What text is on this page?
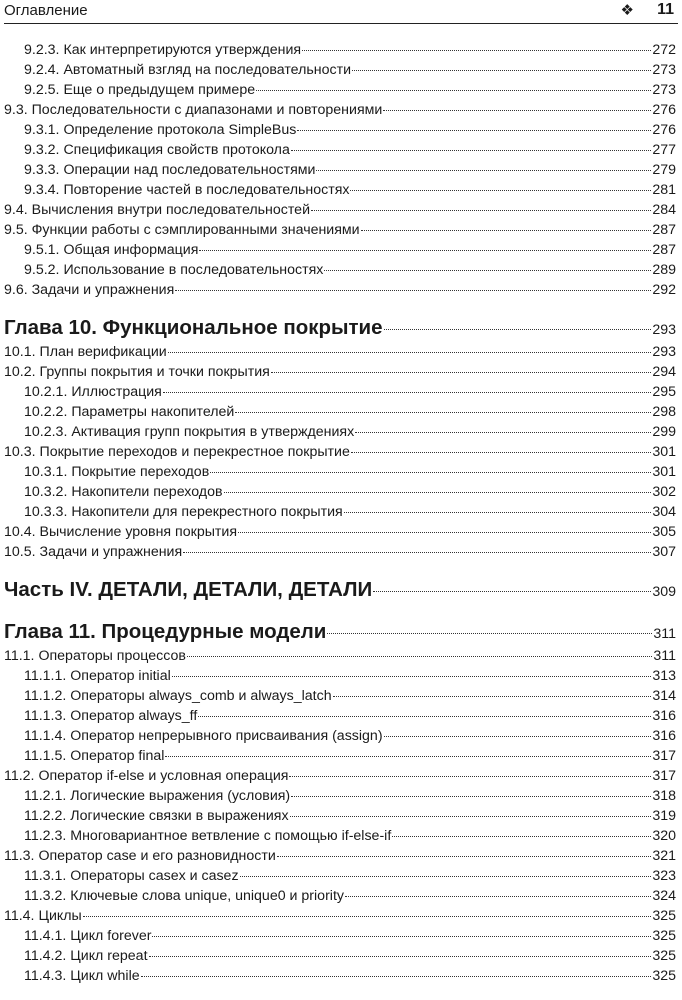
Оглавление	❖ 11
9.2.3. Как интерпретируются утверждения	272
9.2.4. Автоматный взгляд на последовательности	273
9.2.5. Еще о предыдущем примере	273
9.3. Последовательности с диапазонами и повторениями	276
9.3.1. Определение протокола SimpleBus	276
9.3.2. Спецификация свойств протокола	277
9.3.3. Операции над последовательностями	279
9.3.4. Повторение частей в последовательностях	281
9.4. Вычисления внутри последовательностей	284
9.5. Функции работы с сэмплированными значениями	287
9.5.1. Общая информация	287
9.5.2. Использование в последовательностях	289
9.6. Задачи и упражнения	292
Глава 10. Функциональное покрытие	293
10.1. План верификации	293
10.2. Группы покрытия и точки покрытия	294
10.2.1. Иллюстрация	295
10.2.2. Параметры накопителей	298
10.2.3. Активация групп покрытия в утверждениях	299
10.3. Покрытие переходов и перекрестное покрытие	301
10.3.1. Покрытие переходов	301
10.3.2. Накопители переходов	302
10.3.3. Накопители для перекрестного покрытия	304
10.4. Вычисление уровня покрытия	305
10.5. Задачи и упражнения	307
Часть IV. ДЕТАЛИ, ДЕТАЛИ, ДЕТАЛИ	309
Глава 11. Процедурные модели	311
11.1. Операторы процессов	311
11.1.1. Оператор initial	313
11.1.2. Операторы always_comb и always_latch	314
11.1.3. Оператор always_ff	316
11.1.4. Оператор непрерывного присваивания (assign)	316
11.1.5. Оператор final	317
11.2. Оператор if-else и условная операция	317
11.2.1. Логические выражения (условия)	318
11.2.2. Логические связки в выражениях	319
11.2.3. Многовариантное ветвление с помощью if-else-if	320
11.3. Оператор case и его разновидности	321
11.3.1. Операторы casex и casez	323
11.3.2. Ключевые слова unique, unique0 и priority	324
11.4. Циклы	325
11.4.1. Цикл forever	325
11.4.2. Цикл repeat	325
11.4.3. Цикл while	325
